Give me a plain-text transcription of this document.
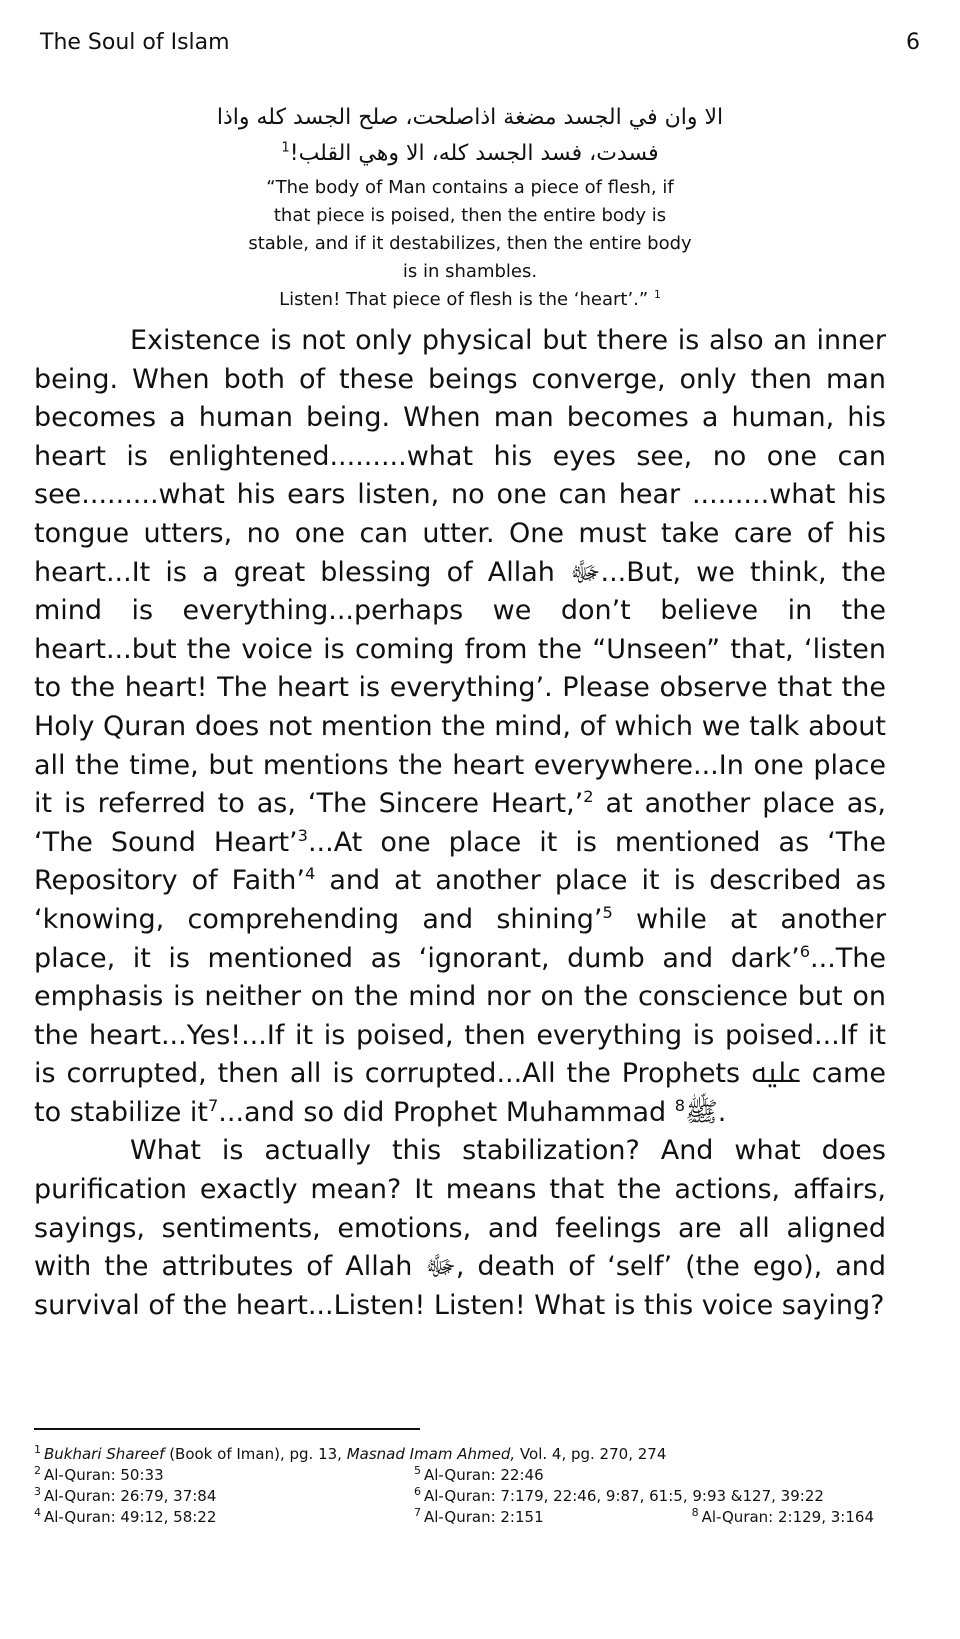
The Soul of Islam	6
الا وان في الجسد مضغة اذاصلحت، صلح الجسد كله واذا
فسدت، فسد الجسد كله، الا وهي القلب!$^1$
“The body of Man contains a piece of flesh, if
that piece is poised, then the entire body is
stable, and if it destabilizes, then the entire body
is in shambles.
Listen! That piece of flesh is the ‘heart’.” $^1$

Existence is not only physical but there is also an inner being. When both of these beings converge, only then man becomes a human being. When man becomes a human, his heart is enlightened.........what his eyes see, no one can see.........what his ears listen, no one can hear .........what his tongue utters, no one can utter. One must take care of his heart...It is a great blessing of Allah ﷻ...But, we think, the mind is everything...perhaps we don’t believe in the heart...but the voice is coming from the “Unseen” that, ‘listen to the heart! The heart is everything’. Please observe that the Holy Quran does not mention the mind, of which we talk about all the time, but mentions the heart everywhere...In one place it is referred to as, ‘The Sincere Heart,’$^2$ at another place as, ‘The Sound Heart’$^3$...At one place it is mentioned as ‘The Repository of Faith’$^4$ and at another place it is described as ‘knowing, comprehending and shining’$^5$ while at another place, it is mentioned as ‘ignorant, dumb and dark’$^6$...The emphasis is neither on the mind nor on the conscience but on the heart...Yes!...If it is poised, then everything is poised...If it is corrupted, then all is corrupted...All the Prophets ﷷ came to stabilize $it^7...and$ so did Prophet Muhammad ﷺ$^8$ .

What is actually this stabilization? And what does purification exactly mean? It means that the actions, affairs, sayings, sentiments, emotions, and feelings are all aligned with the attributes of Allah ﷻ, death of ‘self’ (the ego), and survival of the heart...Listen! Listen! What is this voice saying?

$^1$ Bukhari Shareef (Book of Iman), pg. 13, Masnad Imam Ahmed, Vol. 4, pg. 270, 274
$^2$ Al-Quran: 50:33	$^5$ Al-Quran: 22:46
$^3$ Al-Quran: 26:79, 37:84	$^6$ Al-Quran: 7:179, 22:46, 9:87, 61:5, 9:93 &127, 39:22
$^4$ Al-Quran: 49:12, 58:22	$^7$ Al-Quran: 2:151	$^8$ Al-Quran: 2:129, 3:164
